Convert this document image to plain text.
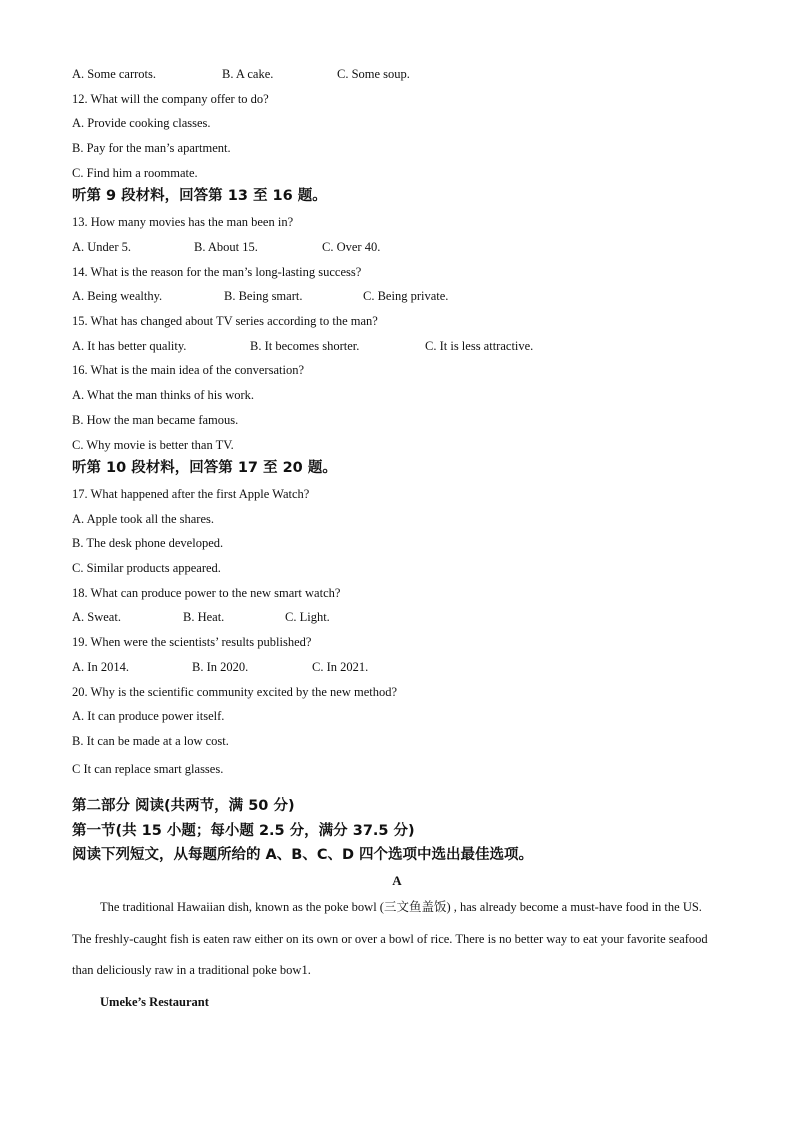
A. Some carrots.	B. A cake.	C. Some soup.
12. What will the company offer to do?
A. Provide cooking classes.
B. Pay for the man’s apartment.
C. Find him a roommate.
听第 9 段材料，回答第 13 至 16 题。
13. How many movies has the man been in?
A. Under 5.	B. About 15.	C. Over 40.
14. What is the reason for the man’s long-lasting success?
A. Being wealthy.	B. Being smart.	C. Being private.
15. What has changed about TV series according to the man?
A. It has better quality.	B. It becomes shorter.	C. It is less attractive.
16. What is the main idea of the conversation?
A. What the man thinks of his work.
B. How the man became famous.
C. Why movie is better than TV.
听第 10 段材料，回答第 17 至 20 题。
17. What happened after the first Apple Watch?
A. Apple took all the shares.
B. The desk phone developed.
C. Similar products appeared.
18. What can produce power to the new smart watch?
A. Sweat.	B. Heat.	C. Light.
19. When were the scientists’ results published?
A. In 2014.	B. In 2020.	C. In 2021.
20. Why is the scientific community excited by the new method?
A. It can produce power itself.
B. It can be made at a low cost.
C It can replace smart glasses.
第二部分 阅读(共两节，满 50 分)
第一节(共 15 小题；每小题 2.5 分，满分 37.5 分)
阅读下列短文，从每题所给的 A、B、C、D 四个选项中选出最佳选项。
A
The traditional Hawaiian dish, known as the poke bowl (三文鱼盖饭) , has already become a must-have food in the US. The freshly-caught fish is eaten raw either on its own or over a bowl of rice. There is no better way to eat your favorite seafood than deliciously raw in a traditional poke bow1.
Umeke’s Restaurant
